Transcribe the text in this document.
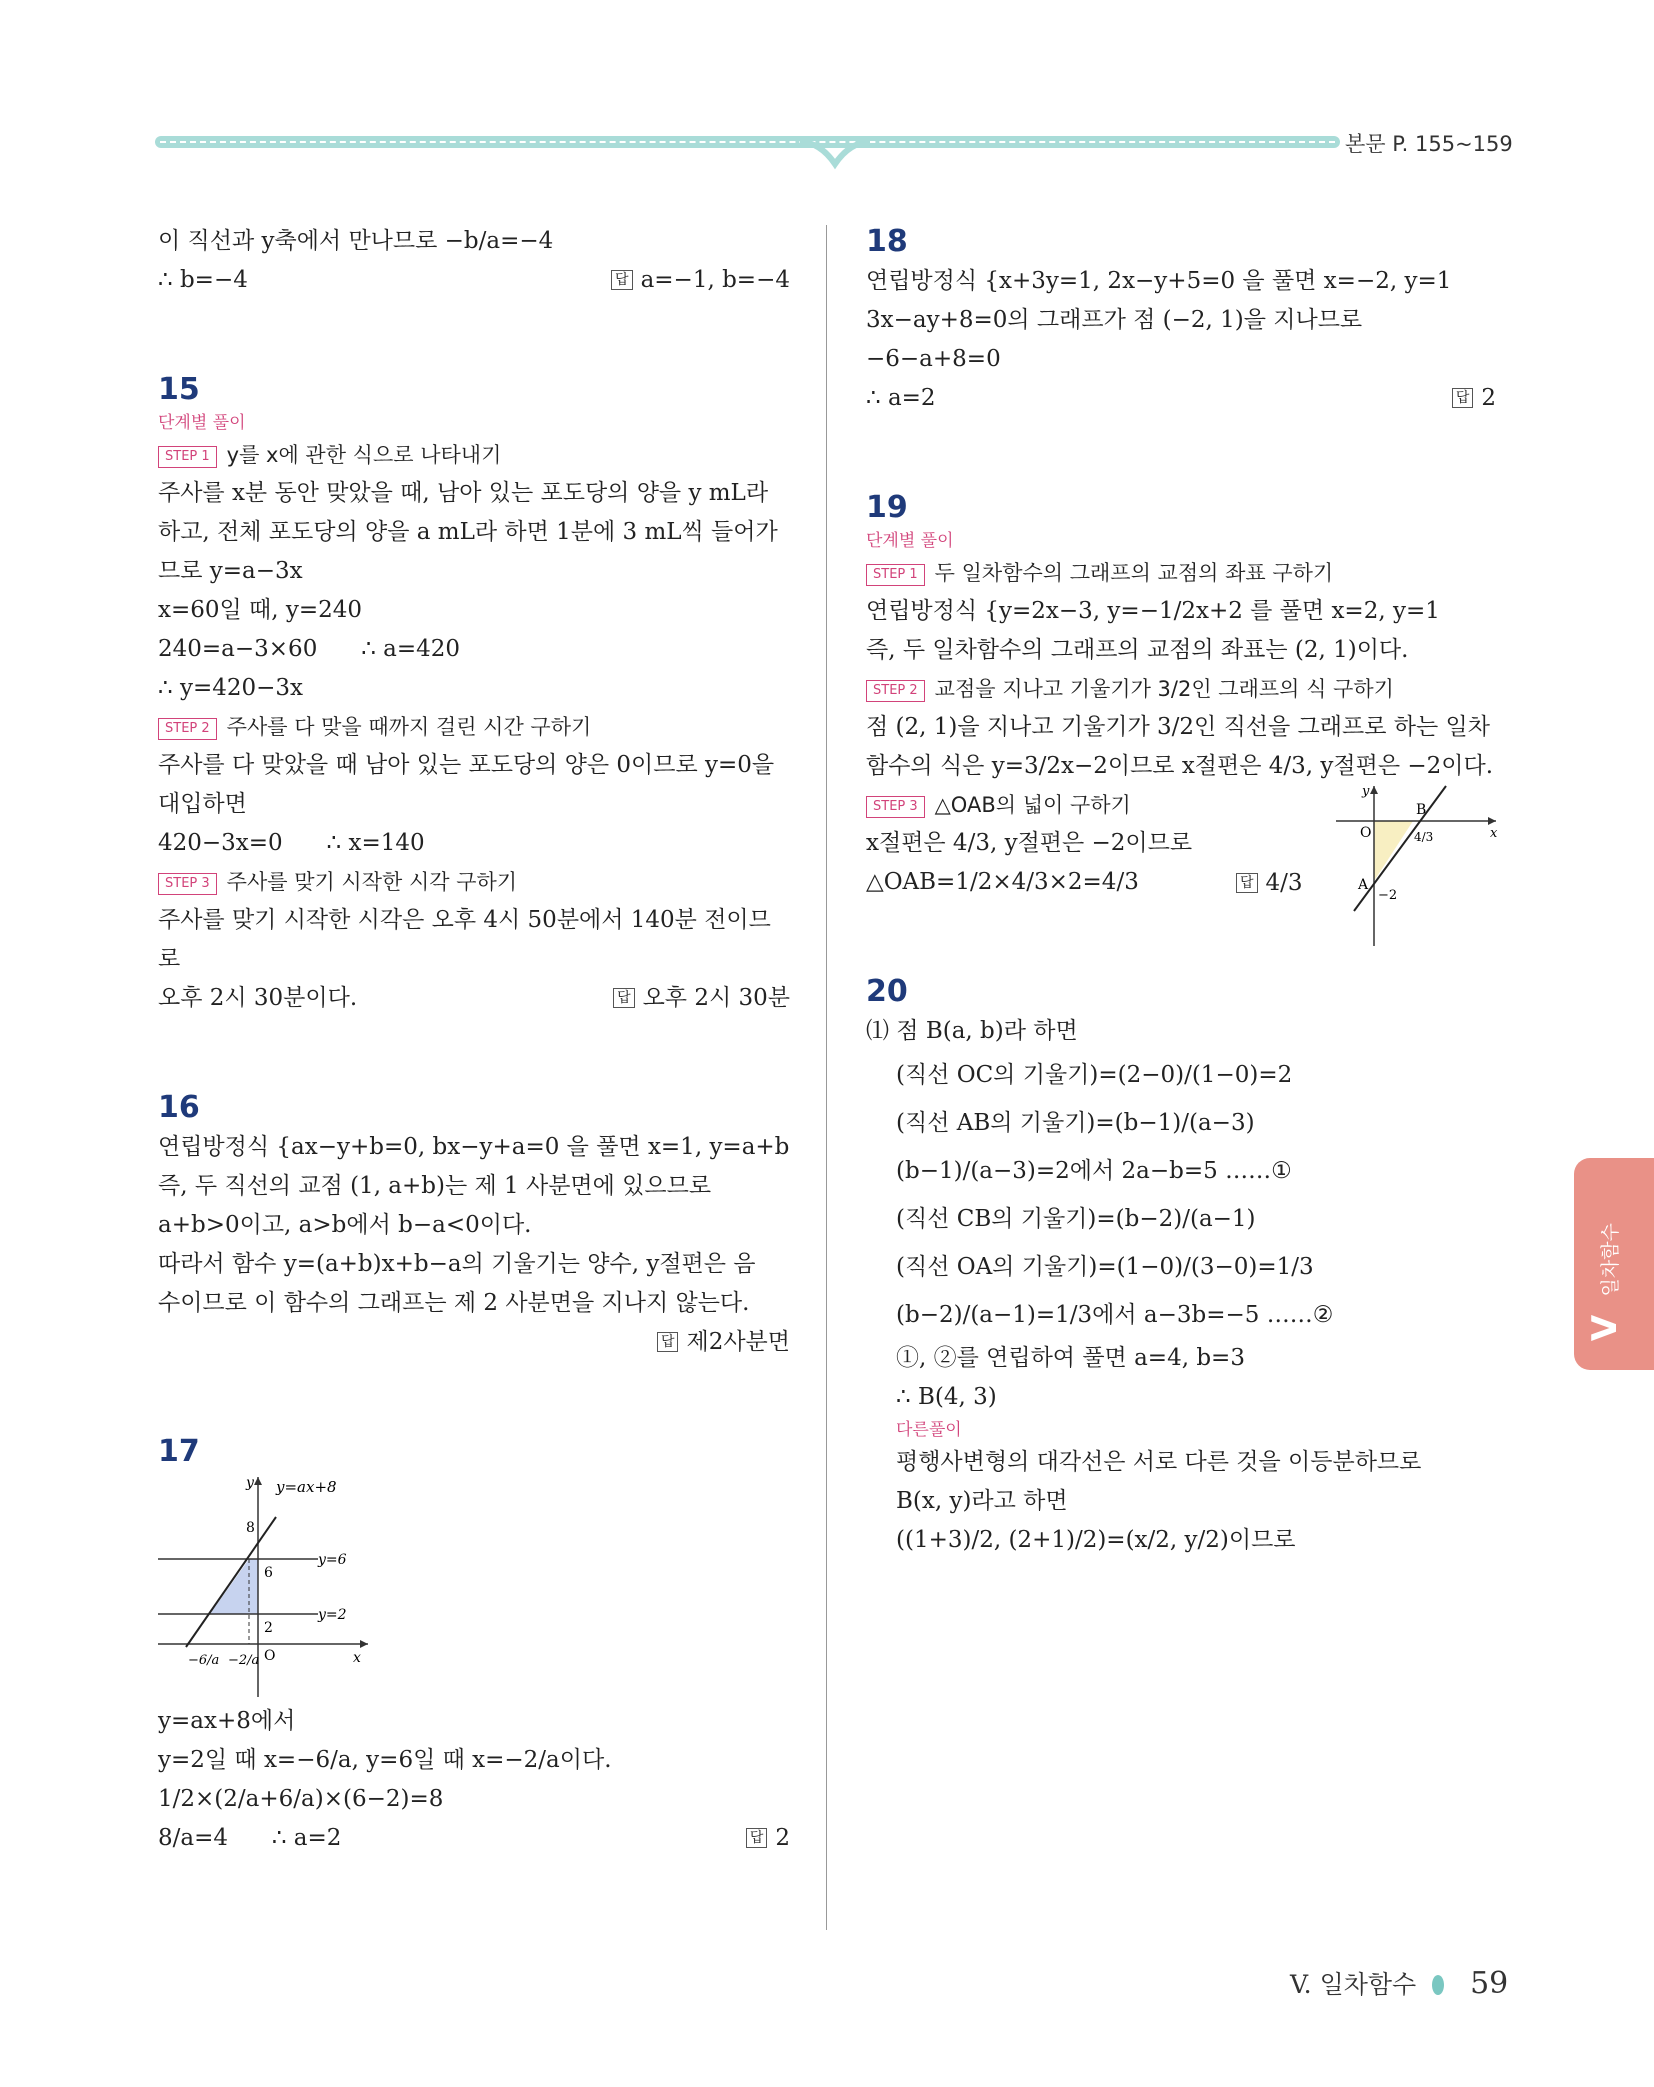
본문 P. 155~159
이 직선과 y축에서 만나므로 −b/a=−4
∴ b=−4	답 a=−1, b=−4
15
단계별 풀이
STEP 1 y를 x에 관한 식으로 나타내기
주사를 x분 동안 맞았을 때, 남아 있는 포도당의 양을 y mL라
하고, 전체 포도당의 양을 a mL라 하면 1분에 3 mL씩 들어가
므로 y=a−3x
x=60일 때, y=240
240=a−3×60      ∴ a=420
∴ y=420−3x
STEP 2 주사를 다 맞을 때까지 걸린 시간 구하기
주사를 다 맞았을 때 남아 있는 포도당의 양은 0이므로 y=0을
대입하면
420−3x=0      ∴ x=140
STEP 3 주사를 맞기 시작한 시각 구하기
주사를 맞기 시작한 시각은 오후 4시 50분에서 140분 전이므로
오후 2시 30분이다.	답 오후 2시 30분
16
연립방정식 {ax−y+b=0, bx−y+a=0 을 풀면 x=1, y=a+b
즉, 두 직선의 교점 (1, a+b)는 제 1 사분면에 있으므로
a+b>0이고, a>b에서 b−a<0이다.
따라서 함수 y=(a+b)x+b−a의 기울기는 양수, y절편은 음
수이므로 이 함수의 그래프는 제 2 사분면을 지나지 않는다.
답 제2사분면
17
y y=ax+8
8
y=6
y=2
6
2
O	x
−6/a −2/a
y=ax+8에서
y=2일 때 x=−6/a, y=6일 때 x=−2/a이다.
1/2×(2/a+6/a)×(6−2)=8
8/a=4      ∴ a=2	답 2
18
연립방정식 {x+3y=1, 2x−y+5=0 을 풀면 x=−2, y=1
3x−ay+8=0의 그래프가 점 (−2, 1)을 지나므로
−6−a+8=0
∴ a=2	답 2
19
단계별 풀이
STEP 1 두 일차함수의 그래프의 교점의 좌표 구하기
연립방정식 {y=2x−3, y=−1/2x+2 를 풀면 x=2, y=1
즉, 두 일차함수의 그래프의 교점의 좌표는 (2, 1)이다.
STEP 2 교점을 지나고 기울기가 3/2인 그래프의 식 구하기
점 (2, 1)을 지나고 기울기가 3/2인 직선을 그래프로 하는 일차
함수의 식은 y=3/2x−2이므로 x절편은 4/3, y절편은 −2이다.
STEP 3 △OAB의 넓이 구하기
x절편은 4/3, y절편은 −2이므로
△OAB=1/2×4/3×2=4/3	답 4/3
y
x
O
A
B
4/3
−2
20
⑴ 점 B(a, b)라 하면
(직선 OC의 기울기)=(2−0)/(1−0)=2
(직선 AB의 기울기)=(b−1)/(a−3)
(b−1)/(a−3)=2에서 2a−b=5 ……①
(직선 CB의 기울기)=(b−2)/(a−1)
(직선 OA의 기울기)=(1−0)/(3−0)=1/3
(b−2)/(a−1)=1/3에서 a−3b=−5 ……②
①, ②를 연립하여 풀면 a=4, b=3
∴ B(4, 3)
다른풀이
평행사변형의 대각선은 서로 다른 것을 이등분하므로
B(x, y)라고 하면
((1+3)/2, (2+1)/2)=(x/2, y/2)이므로
V
일차함수
V. 일차함수 59
